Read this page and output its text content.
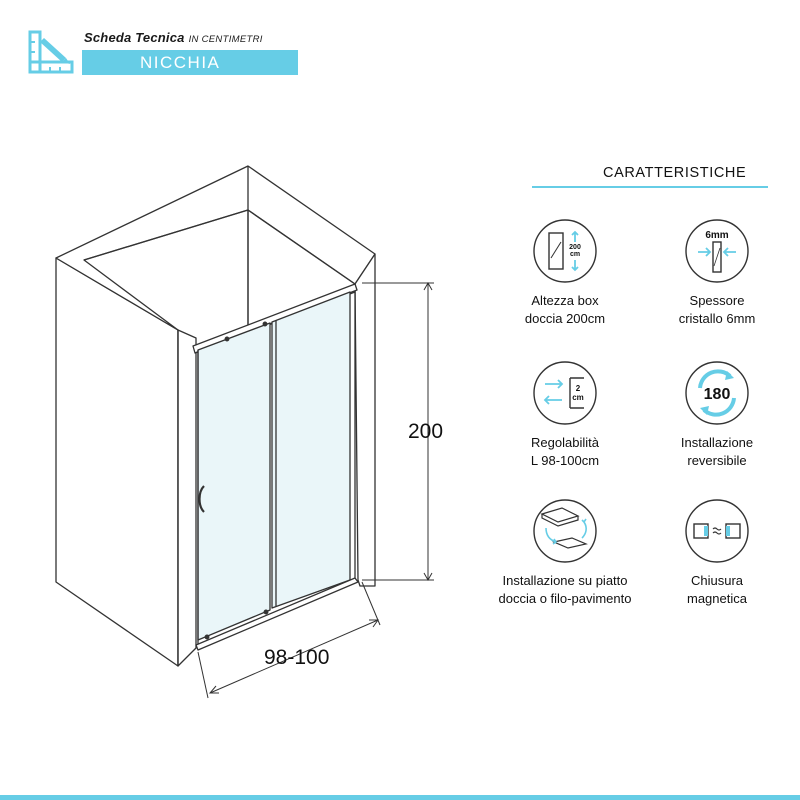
Scheda Tecnica IN CENTIMETRI
NICCHIA
200
98-100
CARATTERISTICHE
200
cm
Altezza box
doccia 200cm
6mm
Spessore
cristallo 6mm
2
cm
Regolabilità
L 98-100cm
180
Installazione
reversibile
Installazione su piatto
doccia o filo-pavimento
Chiusura
magnetica
